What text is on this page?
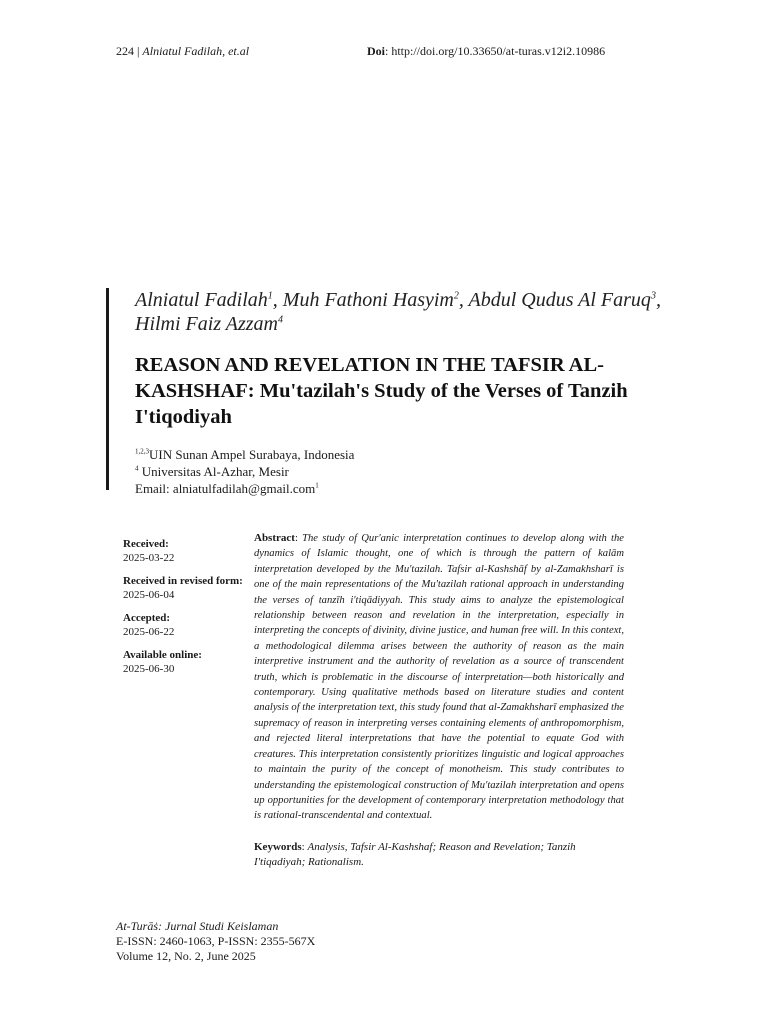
224 | Alniatul Fadilah, et.al	Doi: http://doi.org/10.33650/at-turas.v12i2.10986
Alniatul Fadilah$^1$, Muh Fathoni Hasyim$^2$, Abdul Qudus Al Faruq$^3$, Hilmi Faiz Azzam$^4$
REASON AND REVELATION IN THE TAFSIR AL-KASHSHAF: Mu'tazilah's Study of the Verses of Tanzih I'tiqodiyah
$^{1,2,3}$UIN Sunan Ampel Surabaya, Indonesia
$^4$ Universitas Al-Azhar, Mesir
Email: alniatulfadilah@gmail.com$^1$
Received:
2025-03-22
Received in revised form:
2025-06-04
Accepted:
2025-06-22
Available online:
2025-06-30
Abstract: The study of Qur'anic interpretation continues to develop along with the dynamics of Islamic thought, one of which is through the pattern of kalām interpretation developed by the Mu'tazilah. Tafsir al-Kashshāf by al-Zamakhsharī is one of the main representations of the Mu'tazilah rational approach in understanding the verses of tanzīh i'tiqādiyyah. This study aims to analyze the epistemological relationship between reason and revelation in the interpretation, especially in interpreting the concepts of divinity, divine justice, and human free will. In this context, a methodological dilemma arises between the authority of reason as the main interpretive instrument and the authority of revelation as a source of transcendent truth, which is problematic in the discourse of interpretation—both historically and contemporary. Using qualitative methods based on literature studies and content analysis of the interpretation text, this study found that al-Zamakhsharī emphasized the supremacy of reason in interpreting verses containing elements of anthropomorphism, and rejected literal interpretations that have the potential to equate God with creatures. This interpretation consistently prioritizes linguistic and logical approaches to maintain the purity of the concept of monotheism. This study contributes to understanding the epistemological construction of Mu'tazilah interpretation and opens up opportunities for the development of contemporary interpretation methodology that is rational-transcendental and contextual.
Keywords: Analysis, Tafsir Al-Kashshaf; Reason and Revelation; Tanzih I'tiqadiyah; Rationalism.
At-Turāṡ: Jurnal Studi Keislaman
E-ISSN: 2460-1063, P-ISSN: 2355-567X
Volume 12, No. 2, June 2025
